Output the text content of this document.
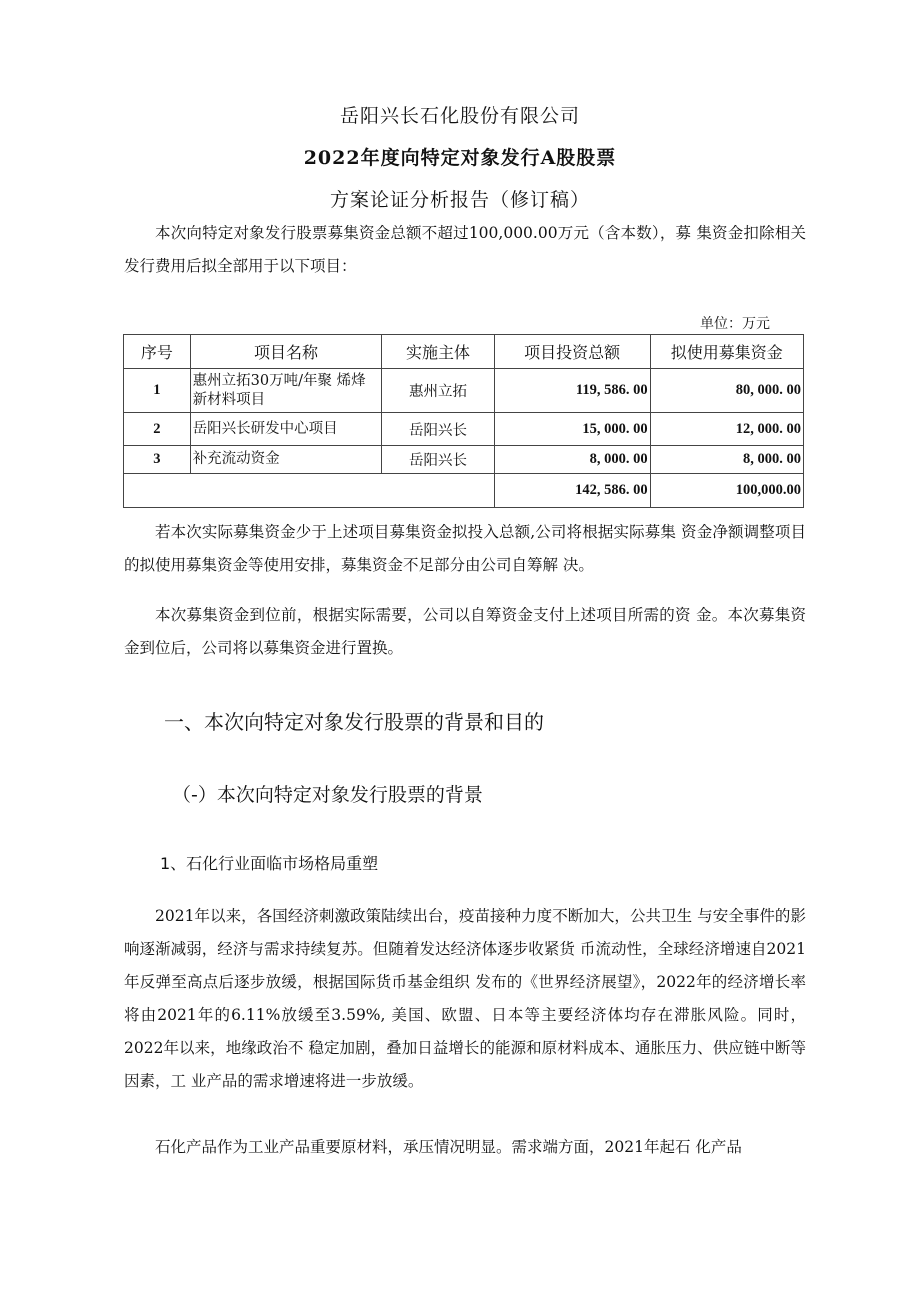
岳阳兴长石化股份有限公司
2022年度向特定对象发行A股股票
方案论证分析报告（修订稿）

本次向特定对象发行股票募集资金总额不超过100,000.00万元（含本数），募 集资金扣除相关发行费用后拟全部用于以下项目：

单位：万元
序号	项目名称	实施主体	项目投资总额	拟使用募集资金
1	惠州立拓30万吨/年聚 烯烽新材料项目	惠州立拓	119, 586. 00	80, 000. 00
2	岳阳兴长研发中心项目	岳阳兴长	15, 000. 00	12, 000. 00
3	补充流动资金	岳阳兴长	8, 000. 00	8, 000. 00
			142, 586. 00	100,000.00

若本次实际募集资金少于上述项目募集资金拟投入总额,公司将根据实际募集 资金净额调整项目的拟使用募集资金等使用安排，募集资金不足部分由公司自筹解 决。

本次募集资金到位前，根据实际需要，公司以自筹资金支付上述项目所需的资 金。本次募集资金到位后，公司将以募集资金进行置换。

一、本次向特定对象发行股票的背景和目的
（-）本次向特定对象发行股票的背景
1、石化行业面临市场格局重塑

2021年以来，各国经济刺激政策陆续出台，疫苗接种力度不断加大，公共卫生 与安全事件的影响逐渐减弱，经济与需求持续复苏。但随着发达经济体逐步收紧货 币流动性，全球经济增速自2021年反弹至高点后逐步放缓，根据国际货币基金组织 发布的《世界经济展望》，2022年的经济增长率将由2021年的6.11%放缓至3.59%, 美国、欧盟、日本等主要经济体均存在滞胀风险。同时，2022年以来，地缘政治不 稳定加剧，叠加日益增长的能源和原材料成本、通胀压力、供应链中断等因素，工 业产品的需求增速将进一步放缓。

石化产品作为工业产品重要原材料，承压情况明显。需求端方面，2021年起石 化产品
